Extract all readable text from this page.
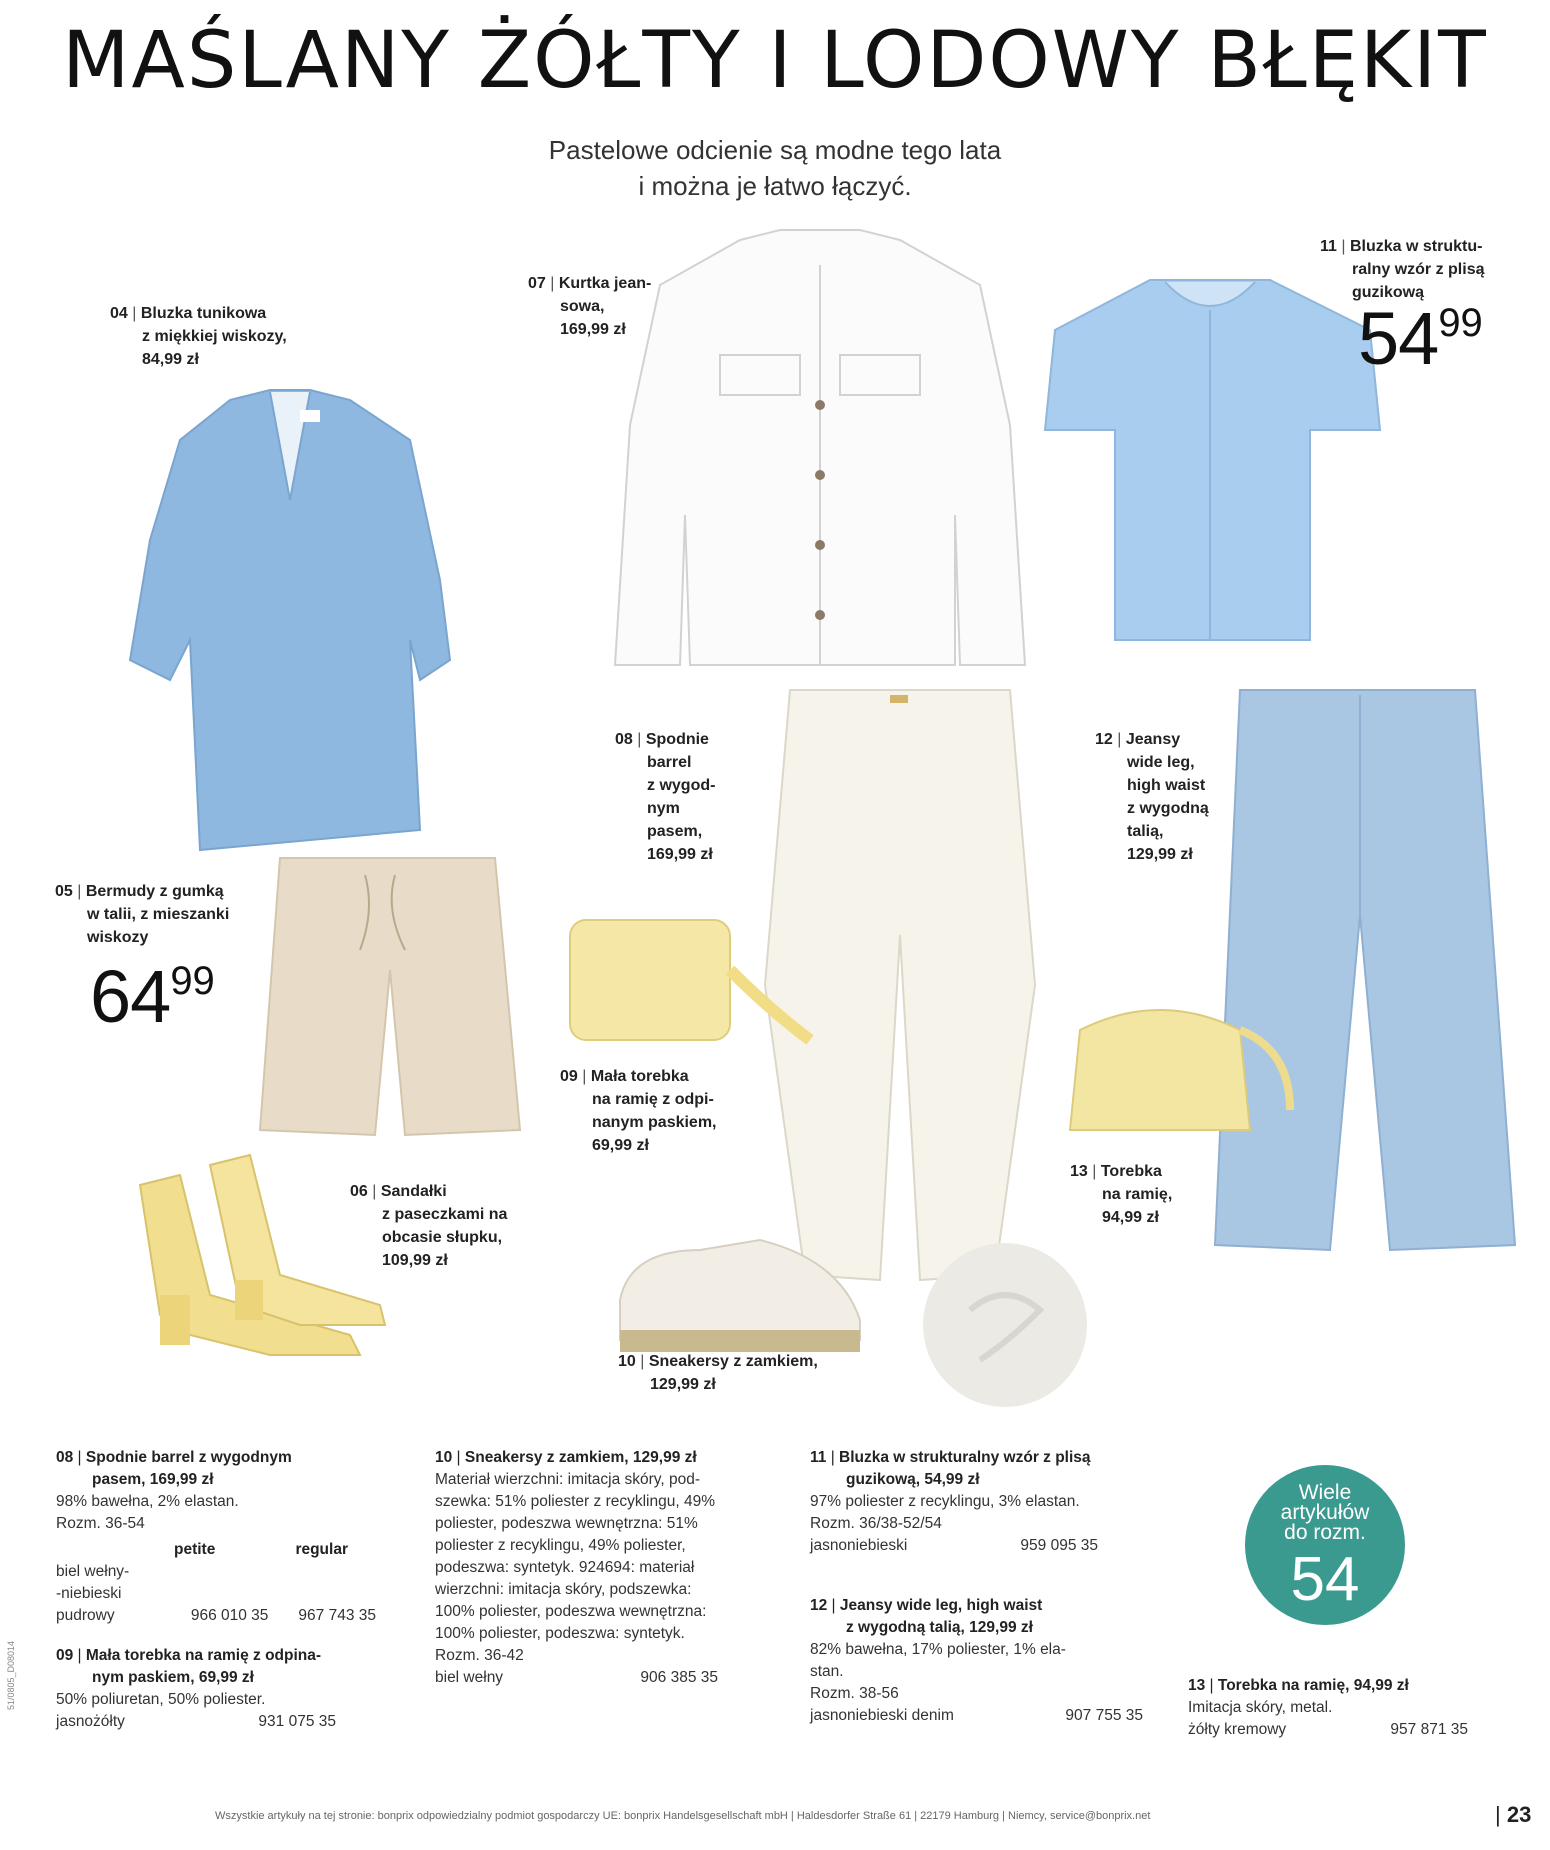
MAŚLANY ŻÓŁTY I LODOWY BŁĘKIT
Pastelowe odcienie są modne tego lata
i można je łatwo łączyć.
04 | Bluzka tunikowa
z miękkiej wiskozy,
84,99 zł
05 | Bermudy z gumką
w talii, z mieszanki
wiskozy
$64^{99}$
06 | Sandałki
z paseczkami na
obcasie słupku,
109,99 zł
07 | Kurtka jean-
sowa,
169,99 zł
08 | Spodnie
barrel
z wygod-
nym
pasem,
169,99 zł
09 | Mała torebka
na ramię z odpi-
nanym paskiem,
69,99 zł
10 | Sneakersy z zamkiem,
129,99 zł
11 | Bluzka w struktu-
ralny wzór z plisą
guzikową
$54^{99}$
12 | Jeansy
wide leg,
high waist
z wygodną
talią,
129,99 zł
13 | Torebka
na ramię,
94,99 zł
08 | Spodnie barrel z wygodnym
pasem, 169,99 zł
98% bawełna, 2% elastan.
Rozm. 36-54
petite	regular
biel wełny-
-niebieski
pudrowy	966 010 35 967 743 35
09 | Mała torebka na ramię z odpina-
nym paskiem, 69,99 zł
50% poliuretan, 50% poliester.
jasnożółty	931 075 35
10 | Sneakersy z zamkiem, 129,99 zł
Materiał wierzchni: imitacja skóry, pod-
szewka: 51% poliester z recyklingu, 49%
poliester, podeszwa wewnętrzna: 51%
poliester z recyklingu, 49% poliester,
podeszwa: syntetyk. 924694: materiał
wierzchni: imitacja skóry, podszewka:
100% poliester, podeszwa wewnętrzna:
100% poliester, podeszwa: syntetyk.
Rozm. 36-42
biel wełny	906 385 35
11 | Bluzka w strukturalny wzór z plisą
guzikową, 54,99 zł
97% poliester z recyklingu, 3% elastan.
Rozm. 36/38-52/54
jasnoniebieski	959 095 35
12 | Jeansy wide leg, high waist
z wygodną talią, 129,99 zł
82% bawełna, 17% poliester, 1% ela-
stan.
Rozm. 38-56
jasnoniebieski denim	907 755 35
13 | Torebka na ramię, 94,99 zł
Imitacja skóry, metal.
żółty kremowy	957 871 35
Wiele
artykułów
do rozm.
54
Wszystkie artykuły na tej stronie: bonprix odpowiedzialny podmiot gospodarczy UE: bonprix Handelsgesellschaft mbH | Haldesdorfer Straße 61 | 22179 Hamburg | Niemcy, service@bonprix.net
|	23
51/0805_D08014
